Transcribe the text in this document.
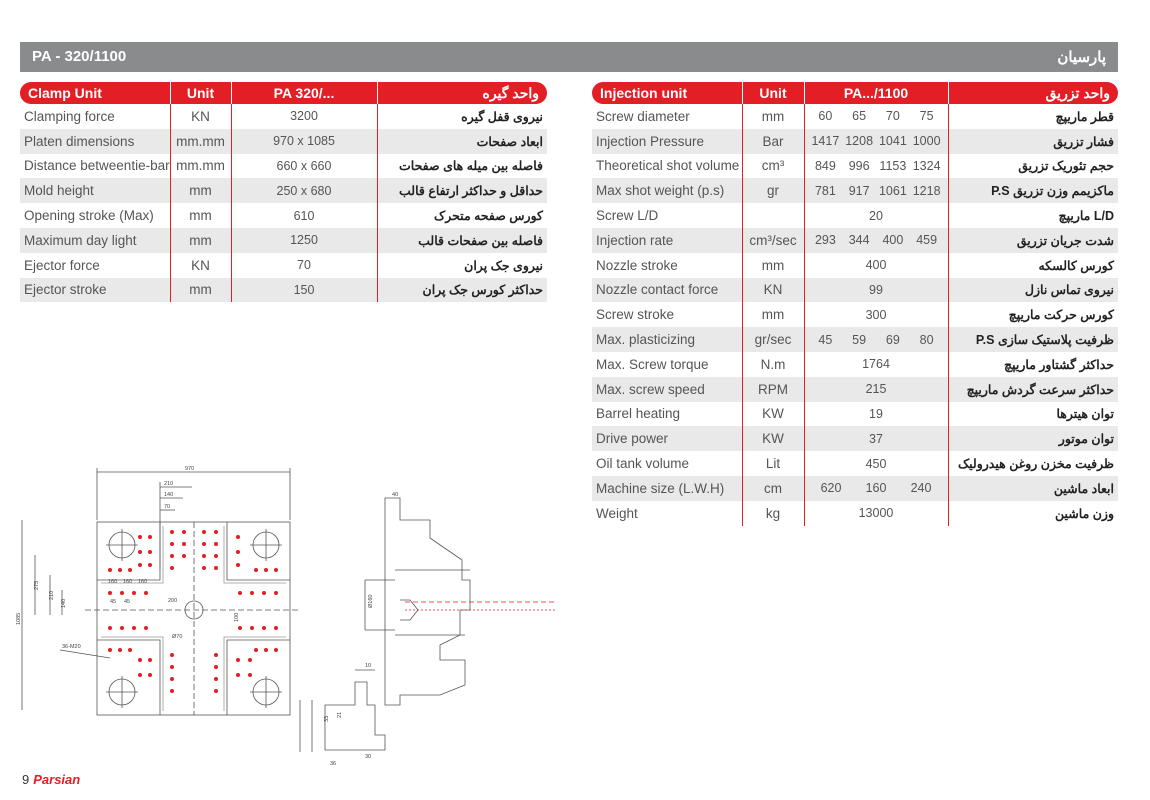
PA - 320/1100	پارسیان
Clamp Unit	Unit	PA 320/...	واحد گیره
Clamping force	KN	3200	نیروی قفل گیره
Platen dimensions	mm.mm	970 x 1085	ابعاد صفحات
Distance betweentie-bar	mm.mm	660 x 660	فاصله بین میله های صفحات
Mold height	mm	250 x 680	حداقل و حداکثر ارتفاع قالب
Opening stroke (Max)	mm	610	کورس صفحه متحرک
Maximum day light	mm	1250	فاصله بین صفحات قالب
Ejector force	KN	70	نیروی جک پران
Ejector stroke	mm	150	حداکثر کورس جک پران
Injection unit	Unit	PA.../1100	واحد تزریق
Screw diameter	mm	60 65 70 75	قطر ماریپچ
Injection Pressure	Bar	1417 1208 1041 1000	فشار تزریق
Theoretical shot volume	cm³	849 996 1153 1324	حجم تئوریک تزریق
Max shot weight (p.s)	gr	781 917 1061 1218	ماکزیمم وزن تزریق P.S
Screw L/D		20	L/D ماریپچ
Injection rate	cm³/sec	293 344 400 459	شدت جریان تزریق
Nozzle stroke	mm	400	کورس کالسکه
Nozzle contact force	KN	99	نیروی تماس نازل
Screw stroke	mm	300	کورس حرکت ماریپچ
Max. plasticizing	gr/sec	45 59 69 80	ظرفیت پلاستیک سازی P.S
Max. Screw torque	N.m	1764	حداکثر گشتاور ماریپچ
Max. screw speed	RPM	215	حداکثر سرعت گردش ماریپچ
Barrel heating	KW	19	توان هیترها
Drive power	KW	37	توان موتور
Oil tank volume	Lit	450	ظرفیت مخزن روغن هیدرولیک
Machine size (L.W.H)	cm	620 160 240	ابعاد ماشین
Weight	kg	13000	وزن ماشین
970
210
140
70
275
210
140
1085
160 160 160
45 45	200
100
Ø70
36-M20
Ø160
40
10
33
21
30
36
9 Parsian
